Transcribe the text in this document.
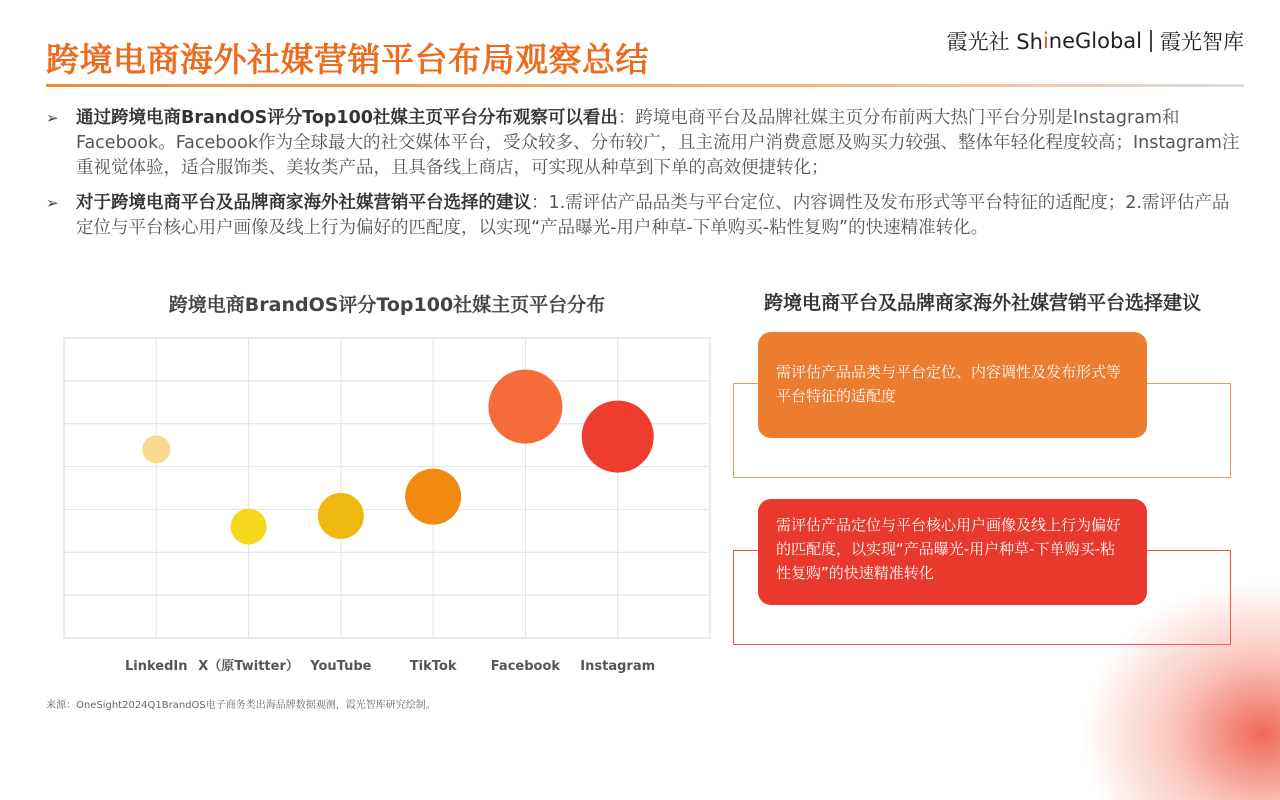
跨境电商海外社媒营销平台布局观察总结	霞光社 Sh i neGlobal 霞光智库
➢ 通过跨境电商BrandOS评分Top100社媒主页平台分布观察可以看出：跨境电商平台及品牌社媒主页分布前两大热门平台分别是Instagram和Facebook。Facebook作为全球最大的社交媒体平台，受众较多、分布较广，且主流用户消费意愿及购买力较强、整体年轻化程度较高；Instagram注重视觉体验，适合服饰类、美妆类产品，且具备线上商店，可实现从种草到下单的高效便捷转化；
➢ 对于跨境电商平台及品牌商家海外社媒营销平台选择的建议：1.需评估产品品类与平台定位、内容调性及发布形式等平台特征的适配度；2.需评估产品定位与平台核心用户画像及线上行为偏好的匹配度，以实现“产品曝光-用户种草-下单购买-粘性复购”的快速精准转化。
跨境电商BrandOS评分Top100社媒主页平台分布
LinkedIn X（原Twitter） YouTube	TikTok	Facebook Instagram
跨境电商平台及品牌商家海外社媒营销平台选择建议
需评估产品品类与平台定位、内容调性及发布形式等平台特征的适配度
需评估产品定位与平台核心用户画像及线上行为偏好的匹配度，以实现“产品曝光-用户种草-下单购买-粘性复购”的快速精准转化
来源：OneSight2024Q1BrandOS电子商务类出海品牌数据观测，霞光智库研究绘制。
